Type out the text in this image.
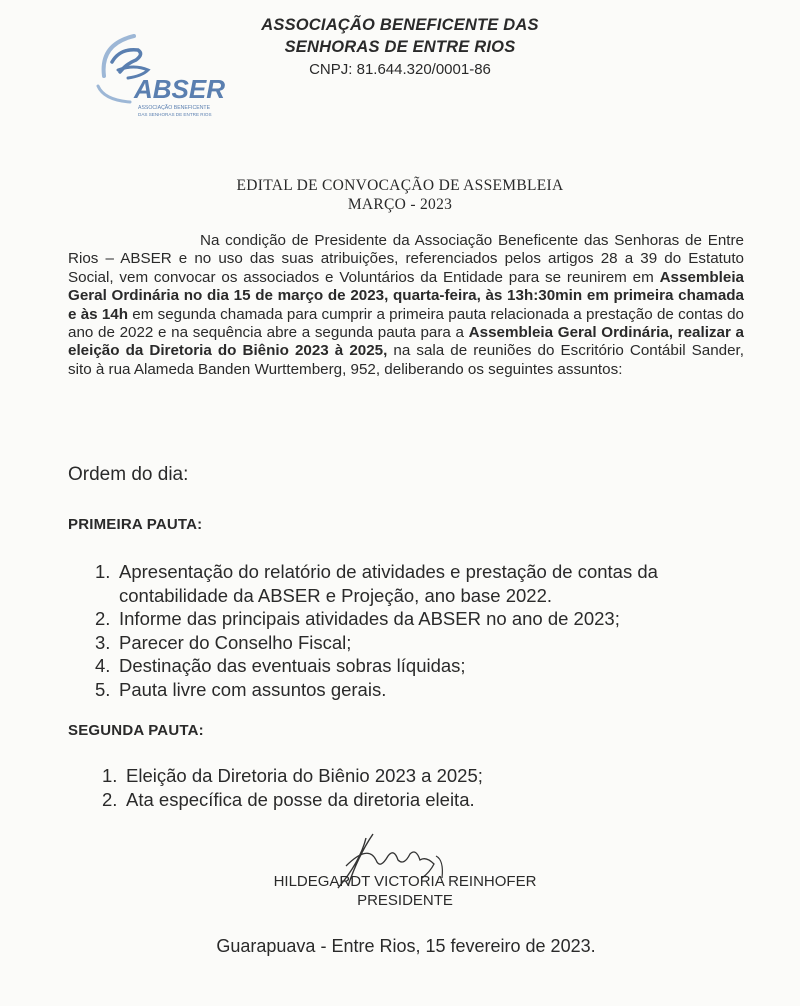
ABSER
ASSOCIAÇÃO BENEFICENTE
DAS SENHORAS DE ENTRE RIOS
ASSOCIAÇÃO BENEFICENTE DAS
SENHORAS DE ENTRE RIOS
CNPJ: 81.644.320/0001-86
EDITAL DE CONVOCAÇÃO DE ASSEMBLEIA
MARÇO - 2023
Na condição de Presidente da Associação Beneficente das Senhoras de Entre Rios – ABSER e no uso das suas atribuições, referenciados pelos artigos 28 a 39 do Estatuto Social, vem convocar os associados e Voluntários da Entidade para se reunirem em Assembleia Geral Ordinária no dia 15 de março de 2023, quarta-feira, às 13h:30min em primeira chamada e às 14h em segunda chamada para cumprir a primeira pauta relacionada a prestação de contas do ano de 2022 e na sequência abre a segunda pauta para a Assembleia Geral Ordinária, realizar a eleição da Diretoria do Biênio 2023 à 2025, na sala de reuniões do Escritório Contábil Sander, sito à rua Alameda Banden Wurttemberg, 952, deliberando os seguintes assuntos:
Ordem do dia:
PRIMEIRA PAUTA:
1. Apresentação do relatório de atividades e prestação de contas da contabilidade da ABSER e Projeção, ano base 2022.
2. Informe das principais atividades da ABSER no ano de 2023;
3. Parecer do Conselho Fiscal;
4. Destinação das eventuais sobras líquidas;
5. Pauta livre com assuntos gerais.
SEGUNDA PAUTA:
1. Eleição da Diretoria do Biênio 2023 a 2025;
2. Ata específica de posse da diretoria eleita.
HILDEGARDT VICTORIA REINHOFER
PRESIDENTE
Guarapuava - Entre Rios, 15 fevereiro de 2023.
